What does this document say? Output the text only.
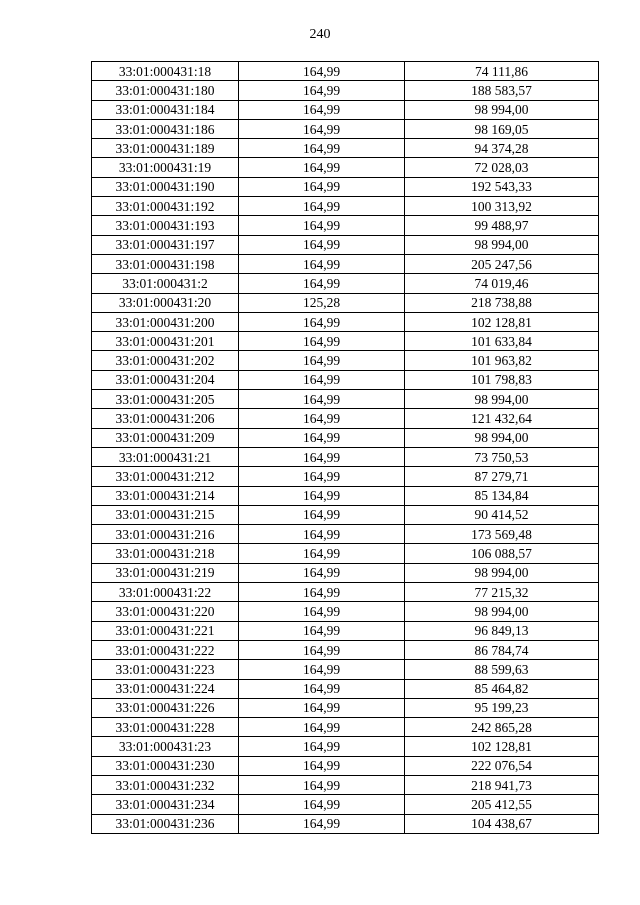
240
33:01:000431:18	164,99	74 111,86
33:01:000431:180	164,99	188 583,57
33:01:000431:184	164,99	98 994,00
33:01:000431:186	164,99	98 169,05
33:01:000431:189	164,99	94 374,28
33:01:000431:19	164,99	72 028,03
33:01:000431:190	164,99	192 543,33
33:01:000431:192	164,99	100 313,92
33:01:000431:193	164,99	99 488,97
33:01:000431:197	164,99	98 994,00
33:01:000431:198	164,99	205 247,56
33:01:000431:2	164,99	74 019,46
33:01:000431:20	125,28	218 738,88
33:01:000431:200	164,99	102 128,81
33:01:000431:201	164,99	101 633,84
33:01:000431:202	164,99	101 963,82
33:01:000431:204	164,99	101 798,83
33:01:000431:205	164,99	98 994,00
33:01:000431:206	164,99	121 432,64
33:01:000431:209	164,99	98 994,00
33:01:000431:21	164,99	73 750,53
33:01:000431:212	164,99	87 279,71
33:01:000431:214	164,99	85 134,84
33:01:000431:215	164,99	90 414,52
33:01:000431:216	164,99	173 569,48
33:01:000431:218	164,99	106 088,57
33:01:000431:219	164,99	98 994,00
33:01:000431:22	164,99	77 215,32
33:01:000431:220	164,99	98 994,00
33:01:000431:221	164,99	96 849,13
33:01:000431:222	164,99	86 784,74
33:01:000431:223	164,99	88 599,63
33:01:000431:224	164,99	85 464,82
33:01:000431:226	164,99	95 199,23
33:01:000431:228	164,99	242 865,28
33:01:000431:23	164,99	102 128,81
33:01:000431:230	164,99	222 076,54
33:01:000431:232	164,99	218 941,73
33:01:000431:234	164,99	205 412,55
33:01:000431:236	164,99	104 438,67
